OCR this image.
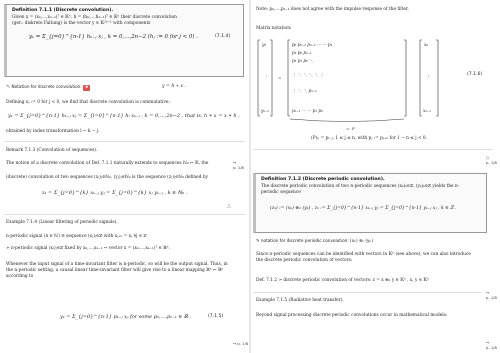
Definition 7.1.1 (Discrete convolution).
Given x = (x₀,…,xₙ₋₁)ᵀ ∈ 𝕂ⁿ, h = (h₀,…,hₙ₋₁)ᵀ ∈ 𝕂ⁿ their discrete convolution
(ger.: diskrete Faltung) is the vector y ∈ 𝕂²ⁿ⁻¹ with components
yₖ = Σ_{j=0}^{n-1} hₖ₋ⱼ xⱼ , k = 0,…,2n−2 (hⱼ := 0 for j < 0) .	(7.1.4)
✎ Notation for discrete convolution: ✱	y = h ∗ x .
Defining xⱼ := 0 for j < 0, we find that discrete convolution is commutative:
yₖ = Σ_{j=0}^{n-1} hₖ₋ⱼ xⱼ = Σ_{l=0}^{n-1} hₗ xₖ₋ₗ , k = 0,…,2n−2 , that is, h ∗ x = x ∗ h ,
obtained by index transformation l ← k − j.
Remark 7.1.3 (Convolution of sequences).
The notion of a discrete convolution of Def. 7.1.1 naturally extends to sequences ℕ₀ ↦ 𝕂, the	↪
p. 1/8
(discrete) convolution of two sequences (xⱼ)ⱼ∈ℕ₀, (yⱼ)ⱼ∈ℕ₀ is the sequence (zⱼ)ⱼ∈ℕ₀ defined by
zₖ = Σ_{j=0}^{k} xₖ₋ⱼ yⱼ = Σ_{j=0}^{k} xⱼ yₖ₋ⱼ , k ∈ ℕ₀ .
△
Example 7.1.4 (Linear filtering of periodic signals).
n-periodic signal (n ∈ ℕ) ≅ sequence (xⱼ)ⱼ∈ℤ with xⱼ₊ₙ = xⱼ ∀j ∈ ℤ
➢ n-periodic signal (xⱼ)ⱼ∈ℤ fixed by x₀,…,xₙ₋₁ ↔ vector x = (x₀,…,xₙ₋₁)ᵀ ∈ ℝⁿ.
Whenever the input signal of a time-invariant filter is n-periodic, so will be the output signal. Thus, in
the n-periodic setting, a causal linear time-invariant filter will give rise to a linear mapping ℝⁿ ↦ ℝⁿ
according to
yₖ = Σ_{j=0}^{n-1} pₖ₋ⱼ xⱼ for some p₀,…,pₙ₋₁ ∈ ℝ ,	(7.1.5)
↪ p. 1/8
Note: p₀,…,pₙ₋₁ does not agree with the impulse response of the filter.
Matrix notation:
y₀
⋮
yₙ₋₁
=
p₀ pₙ₋₁ pₙ₋₂ ⋯ ⋯ p₁
p₁ p₀ pₙ₋₁
p₂ p₁ p₀ ⋱
⋮ ⋱ ⋱ ⋱ ⋱ ⋮
⋮ ⋱ ⋱ pₙ₋₁
pₙ₋₁ ⋯ ⋯ p₁ p₀
x₀
⋮
xₙ₋₁
(7.1.6)
=: P
(P)ᵢⱼ = pᵢ₋ⱼ, 1 ≤ j ≤ n, with pⱼ := pⱼ₊ₙ for 1 − n ≤ j < 0.
○
p. 1/8
Definition 7.1.2 (Discrete periodic convolution).
The discrete periodic convolution of two n-periodic sequences (xₖ)ₖ∈ℤ, (yₖ)ₖ∈ℤ yields the n-
periodic sequence
(zₖ) := (xₖ) ⊛ₙ (yₖ) , zₖ := Σ_{j=0}^{n-1} xₖ₋ⱼ yⱼ = Σ_{j=0}^{n-1} yₖ₋ⱼ xⱼ , k ∈ ℤ .
✎ notation for discrete periodic convolution: (xₖ) ⊛ₙ (yₖ)
Since n-periodic sequences can be identified with vectors in 𝕂ⁿ (see above), we can also introduce
the discrete periodic convolution of vectors:
Def. 7.1.2 ➢ discrete periodic convolution of vectors: z = x ⊛ₙ y ∈ 𝕂ⁿ , x, y ∈ 𝕂ⁿ
↪
p. 1/8
Example 7.1.5 (Radiative heat transfer).
Beyond signal processing discrete periodic convolutions occur in mathematical models:
↪
p. 1/8
